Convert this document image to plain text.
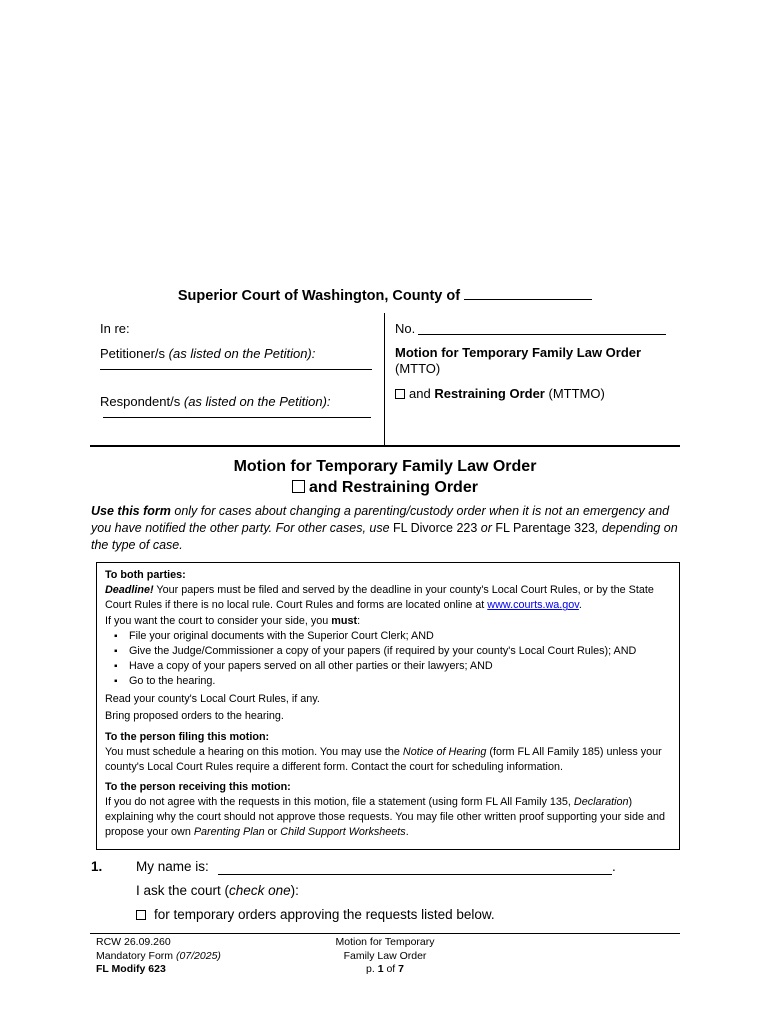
Superior Court of Washington, County of
In re:
Petitioner/s (as listed on the Petition):
Respondent/s (as listed on the Petition):
No.
Motion for Temporary Family Law Order
(MTTO)
and Restraining Order (MTTMO)
Motion for Temporary Family Law Order
and Restraining Order
Use this form only for cases about changing a parenting/custody order when it is not an emergency and you have notified the other party. For other cases, use FL Divorce 223 or FL Parentage 323, depending on the type of case.

To both parties:

Deadline! Your papers must be filed and served by the deadline in your county's Local Court Rules, or by the State Court Rules if there is no local rule. Court Rules and forms are located online at www.courts.wa.gov.

If you want the court to consider your side, you must:

▪ File your original documents with the Superior Court Clerk; AND
▪ Give the Judge/Commissioner a copy of your papers (if required by your county's Local Court Rules); AND
▪ Have a copy of your papers served on all other parties or their lawyers; AND
▪ Go to the hearing.

Read your county's Local Court Rules, if any.

Bring proposed orders to the hearing.

To the person filing this motion:

You must schedule a hearing on this motion. You may use the Notice of Hearing (form FL All Family 185) unless your county's Local Court Rules require a different form. Contact the court for scheduling information.

To the person receiving this motion:

If you do not agree with the requests in this motion, file a statement (using form FL All Family 135, Declaration) explaining why the court should not approve those requests. You may file other written proof supporting your side and propose your own Parenting Plan or Child Support Worksheets.

1. My name is:	.
I ask the court (check one):
for temporary orders approving the requests listed below.
RCW 26.09.260
Mandatory Form (07/2025)
FL Modify 623
Motion for Temporary
Family Law Order
p. 1 of 7
